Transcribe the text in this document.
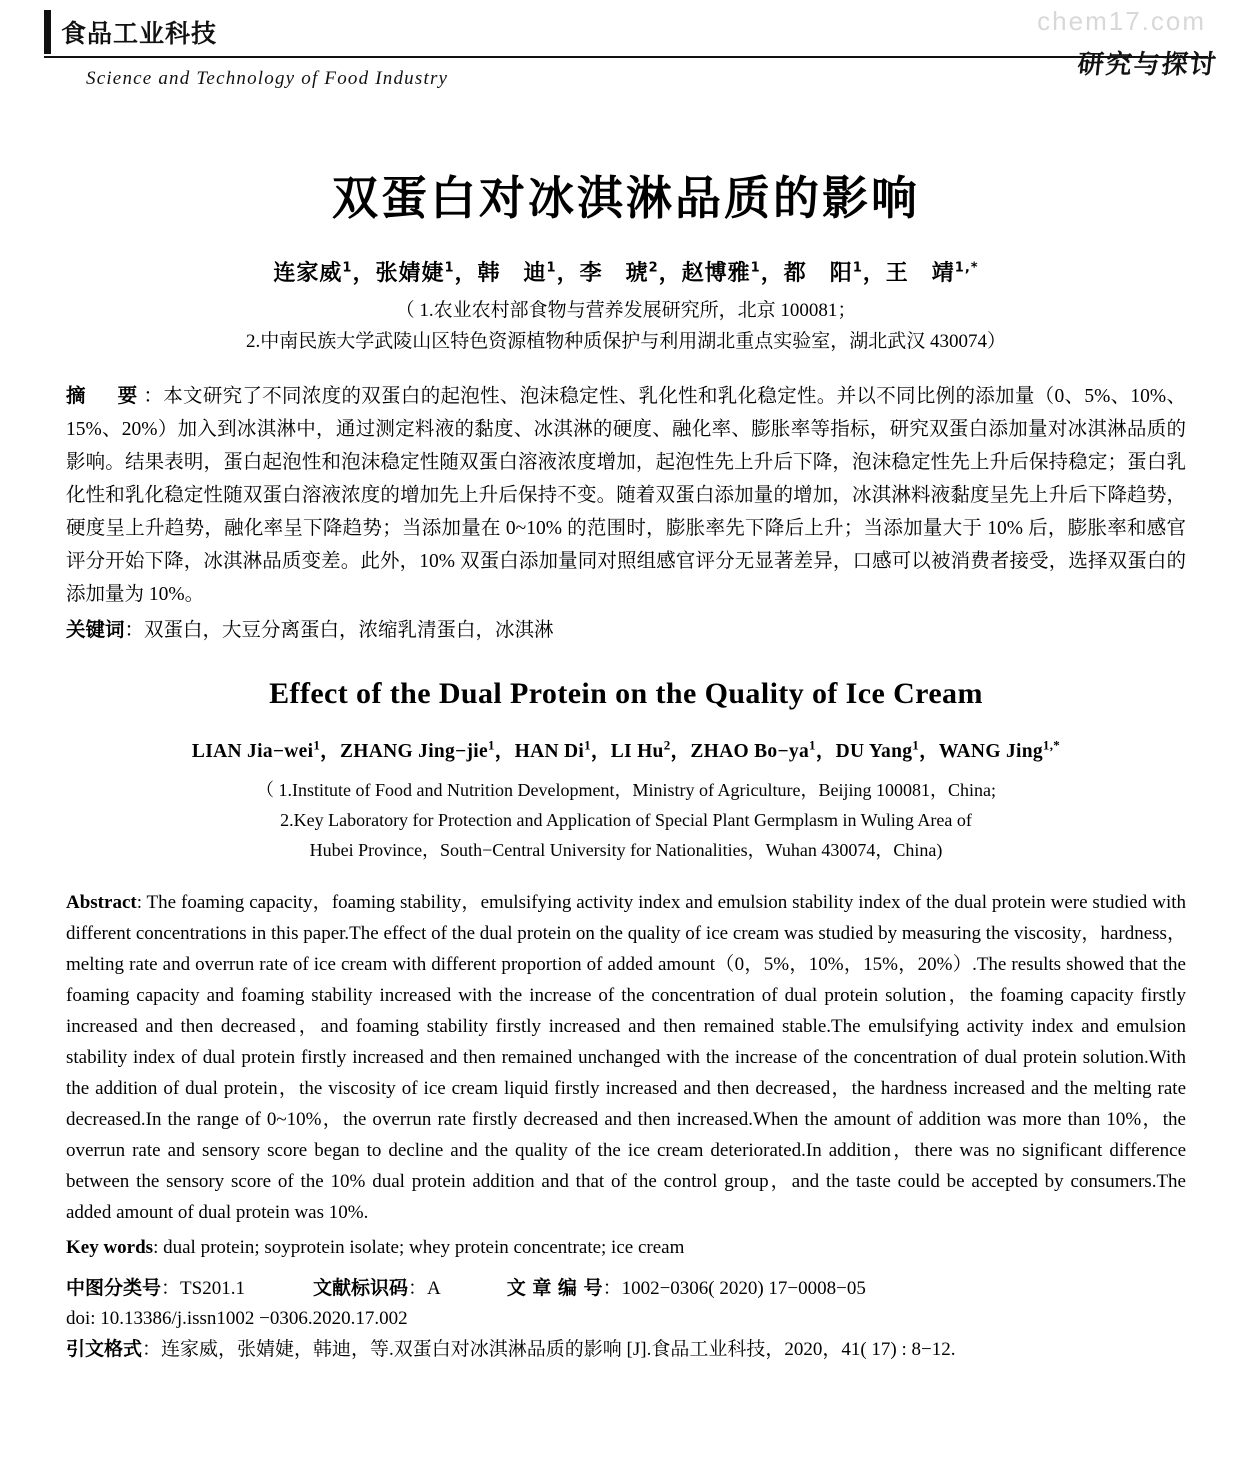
食品工业科技
Science and Technology of Food Industry
chem17.com
研究与探讨
双蛋白对冰淇淋品质的影响
连家威$^1$，张婧婕$^1$，韩　迪$^1$，李　琥$^2$，赵博雅$^1$，都　阳$^1$，王　靖$^{1,*}$
（ 1.农业农村部食物与营养发展研究所，北京 100081；
2.中南民族大学武陵山区特色资源植物种质保护与利用湖北重点实验室，湖北武汉 430074）
摘　要：本文研究了不同浓度的双蛋白的起泡性、泡沫稳定性、乳化性和乳化稳定性。并以不同比例的添加量（0、5%、10%、15%、20%）加入到冰淇淋中，通过测定料液的黏度、冰淇淋的硬度、融化率、膨胀率等指标，研究双蛋白添加量对冰淇淋品质的影响。结果表明，蛋白起泡性和泡沫稳定性随双蛋白溶液浓度增加，起泡性先上升后下降，泡沫稳定性先上升后保持稳定；蛋白乳化性和乳化稳定性随双蛋白溶液浓度的增加先上升后保持不变。随着双蛋白添加量的增加，冰淇淋料液黏度呈先上升后下降趋势，硬度呈上升趋势，融化率呈下降趋势；当添加量在 0~10% 的范围时，膨胀率先下降后上升；当添加量大于 10% 后，膨胀率和感官评分开始下降，冰淇淋品质变差。此外，10% 双蛋白添加量同对照组感官评分无显著差异，口感可以被消费者接受，选择双蛋白的添加量为 10%。
关键词：双蛋白，大豆分离蛋白，浓缩乳清蛋白，冰淇淋
Effect of the Dual Protein on the Quality of Ice Cream
LIAN Jia−wei$^1$，ZHANG Jing−jie$^1$，HAN Di$^1$，LI Hu$^2$，ZHAO $Bo-ya^1$，DU Yang$^1$，WANG Jing$^{1,*}$
（ 1.Institute of Food and Nutrition Development，Ministry of Agriculture，Beijing 100081，China;
2.Key Laboratory for Protection and Application of Special Plant Germplasm in Wuling Area of
Hubei Province，South−Central University for Nationalities，Wuhan 430074，China)
Abstract: The foaming capacity，foaming stability，emulsifying activity index and emulsion stability index of the dual protein were studied with different concentrations in this paper.The effect of the dual protein on the quality of ice cream was studied by measuring the viscosity，hardness，melting rate and overrun rate of ice cream with different proportion of added amount（0，5%，10%，15%，20%）.The results showed that the foaming capacity and foaming stability increased with the increase of the concentration of dual protein solution，the foaming capacity firstly increased and then decreased，and foaming stability firstly increased and then remained stable.The emulsifying activity index and emulsion stability index of dual protein firstly increased and then remained unchanged with the increase of the concentration of dual protein solution.With the addition of dual protein，the viscosity of ice cream liquid firstly increased and then decreased，the hardness increased and the melting rate decreased.In the range of 0~10%，the overrun rate firstly decreased and then increased.When the amount of addition was more than 10%，the overrun rate and sensory score began to decline and the quality of the ice cream deteriorated.In addition，there was no significant difference between the sensory score of the 10% dual protein addition and that of the control group，and the taste could be accepted by consumers.The added amount of dual protein was 10%.
Key words: dual protein; soyprotein isolate; whey protein concentrate; ice cream
中图分类号 ：TS201.1	文献标识码 ：A	文 章 编 号 ：1002−0306( 2020) 17−0008−05
doi: 10.13386/j.issn1002 −0306.2020.17.002
引文格式：连家威，张婧婕，韩迪，等.双蛋白对冰淇淋品质的影响 [J].食品工业科技，2020，41( 17) : 8−12.
